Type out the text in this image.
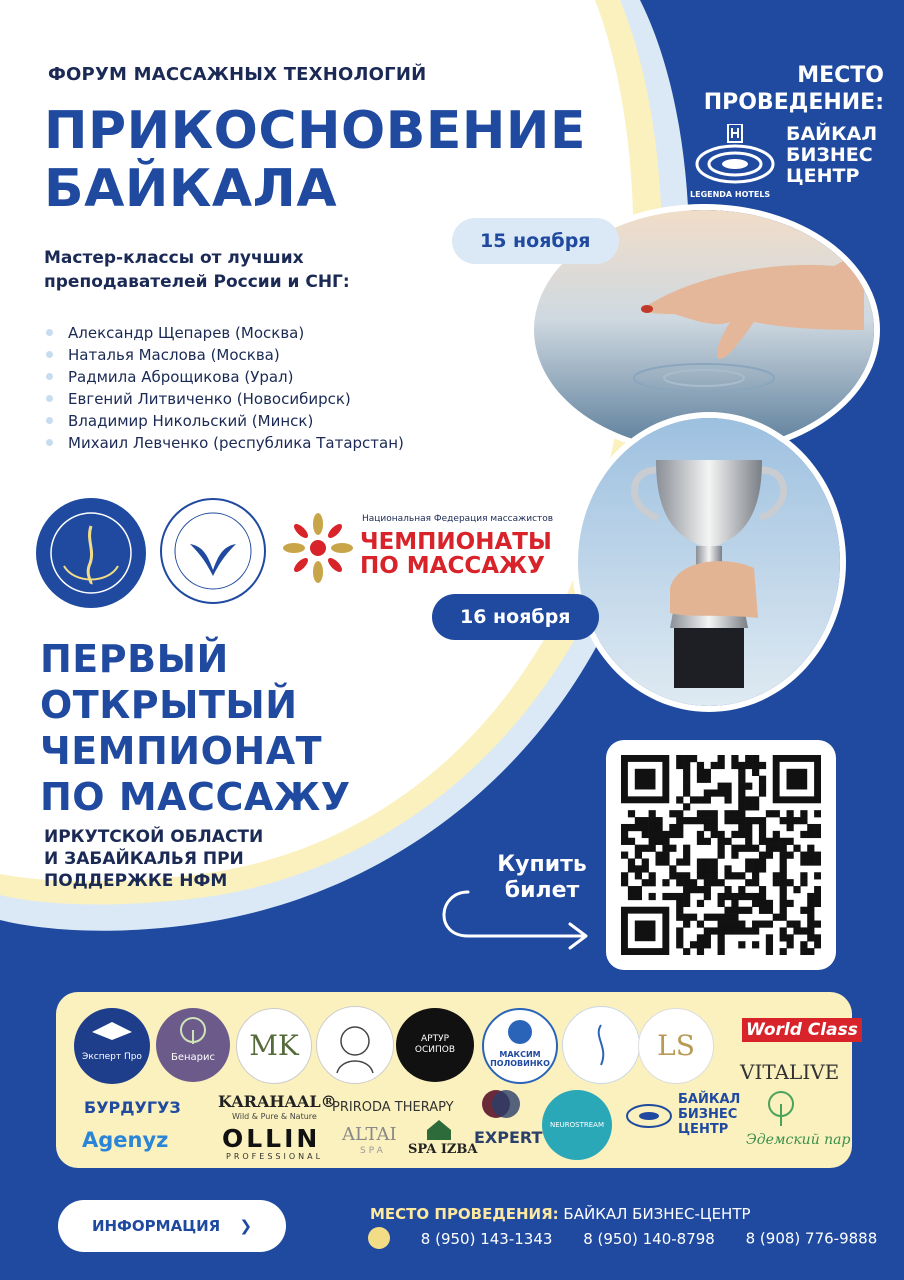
ФОРУМ МАССАЖНЫХ ТЕХНОЛОГИЙ
ПРИКОСНОВЕНИЕ
БАЙКАЛА
МЕСТО
ПРОВЕДЕНИЕ:
БАЙКАЛ
БИЗНЕС
ЦЕНТР
LEGENDA HOTELS
Мастер-классы от лучших преподавателей России и СНГ:
Александр Щепарев (Москва)
Наталья Маслова (Москва)
Радмила Аброщикова (Урал)
Евгений Литвиченко (Новосибирск)
Владимир Никольский (Минск)
Михаил Левченко (республика Татарстан)
15 ноября
16 ноября
Национальная Федерация массажистов
ЧЕМПИОНАТЫ
ПО МАССАЖУ
ПЕРВЫЙ
ОТКРЫТЫЙ
ЧЕМПИОНАТ
ПО МАССАЖУ
ИРКУТСКОЙ ОБЛАСТИ
И ЗАБАЙКАЛЬЯ ПРИ
ПОДДЕРЖКЕ НФМ
Купить
билет
Эксперт Про	Бенарис	MK	АРТУР
ОСИПОВ	МАКСИМ
ПОЛОВИНКО
LS	World Class
VITALIVE
БУРДУГУЗ
Agenyz
KARAHAAL®
Wild & Pure & Nature
OLLIN
PROFESSIONAL
PRIRODA THERAPY
ALTAI
SPA SPA IZBA
EXPERT
NEUROSTREAM
БАЙКАЛ
БИЗНЕС
ЦЕНТР
Эдемский пар
ИНФОРМАЦИЯ ❯
МЕСТО ПРОВЕДЕНИЯ: БАЙКАЛ БИЗНЕС-ЦЕНТР
8 (950) 143-1343 8 (950) 140-8798 8 (908) 776-9888
